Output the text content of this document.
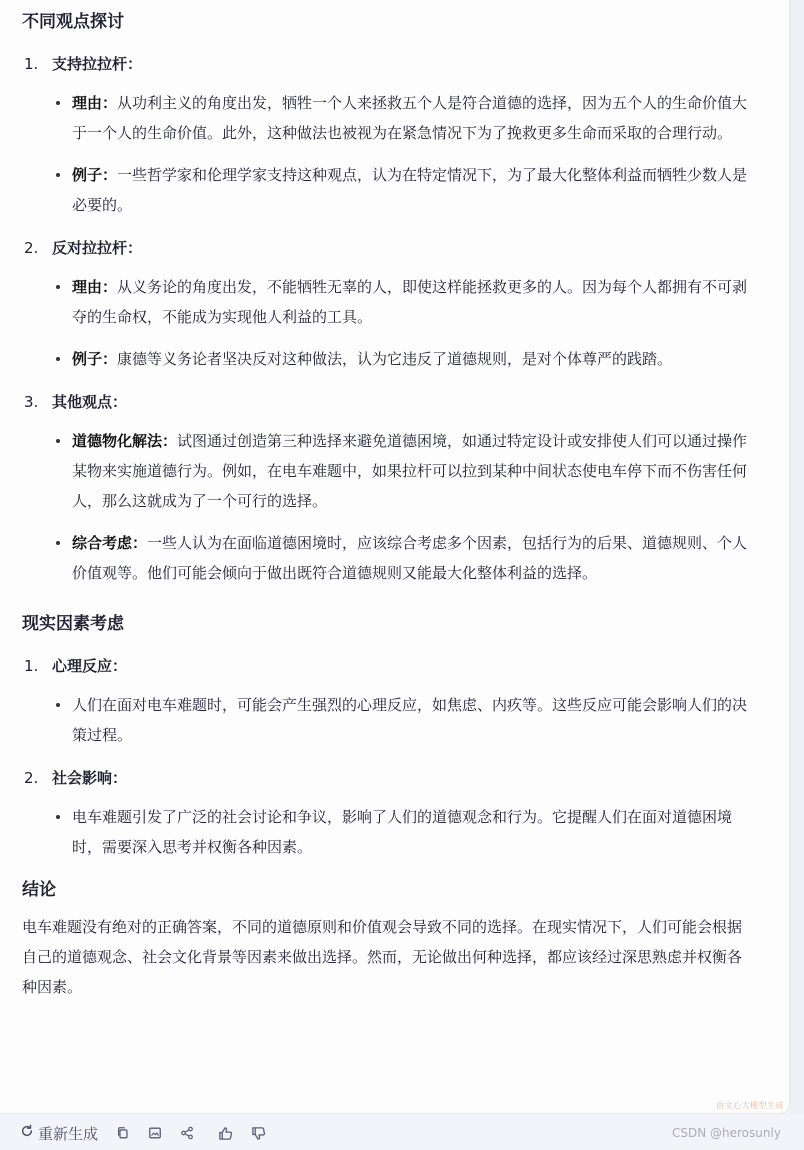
不同观点探讨
1. 支持拉拉杆：
理由：从功利主义的角度出发，牺牲一个人来拯救五个人是符合道德的选择，因为五个人的生命价值大于一个人的生命价值。此外，这种做法也被视为在紧急情况下为了挽救更多生命而采取的合理行动。
例子：一些哲学家和伦理学家支持这种观点，认为在特定情况下，为了最大化整体利益而牺牲少数人是必要的。
2. 反对拉拉杆：
理由：从义务论的角度出发，不能牺牲无辜的人，即使这样能拯救更多的人。因为每个人都拥有不可剥夺的生命权，不能成为实现他人利益的工具。
例子：康德等义务论者坚决反对这种做法，认为它违反了道德规则，是对个体尊严的践踏。
3. 其他观点：
道德物化解法：试图通过创造第三种选择来避免道德困境，如通过特定设计或安排使人们可以通过操作某物来实施道德行为。例如，在电车难题中，如果拉杆可以拉到某种中间状态使电车停下而不伤害任何人，那么这就成为了一个可行的选择。
综合考虑：一些人认为在面临道德困境时，应该综合考虑多个因素，包括行为的后果、道德规则、个人价值观等。他们可能会倾向于做出既符合道德规则又能最大化整体利益的选择。
现实因素考虑
1. 心理反应：
人们在面对电车难题时，可能会产生强烈的心理反应，如焦虑、内疚等。这些反应可能会影响人们的决策过程。
2. 社会影响：
电车难题引发了广泛的社会讨论和争议，影响了人们的道德观念和行为。它提醒人们在面对道德困境时，需要深入思考并权衡各种因素。
结论
电车难题没有绝对的正确答案，不同的道德原则和价值观会导致不同的选择。在现实情况下，人们可能会根据自己的道德观念、社会文化背景等因素来做出选择。然而，无论做出何种选择，都应该经过深思熟虑并权衡各种因素。
由文心大模型生成
重新生成	CSDN @herosunly
